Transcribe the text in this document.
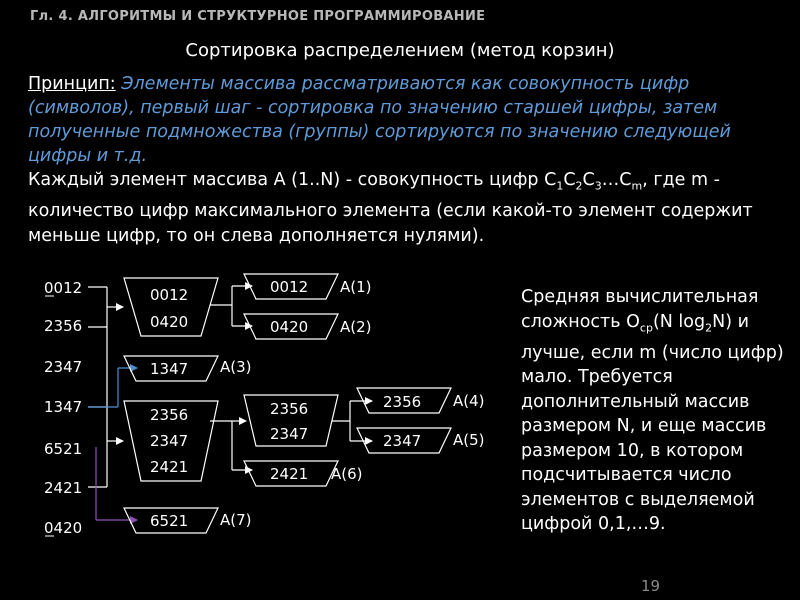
Гл. 4. АЛГОРИТМЫ И СТРУКТУРНОЕ ПРОГРАММИРОВАНИЕ
Сортировка распределением (метод корзин)
Принцип: Элементы массива рассматриваются как совокупность цифр (символов), первый шаг - сортировка по значению старшей цифры, затем полученные подмножества (группы) сортируются по значению следующей цифры и т.д.
Каждый элемент массива A (1..N) - совокупность цифр $C_1C_2C_3\dots C_m$, где m - количество цифр максимального элемента (если какой-то элемент содержит меньше цифр, то он слева дополняется нулями).
Средняя вычислительная сложность $O_{ср}(N$ $\log_2N$) и лучше, если m (число цифр) мало. Требуется дополнительный массив размером N, и еще массив размером 10, в котором подсчитывается число элементов с выделяемой цифрой 0,1,…9.
19
0012
2356
2347
1347
6521
2421
0420
0012
0420
1347 A(3)
2356
2347
2421
6521 A(7)
0012 A(1)
0420 A(2)
2356
2347
2421 A(6)
2356 A(4)
2347 A(5)
